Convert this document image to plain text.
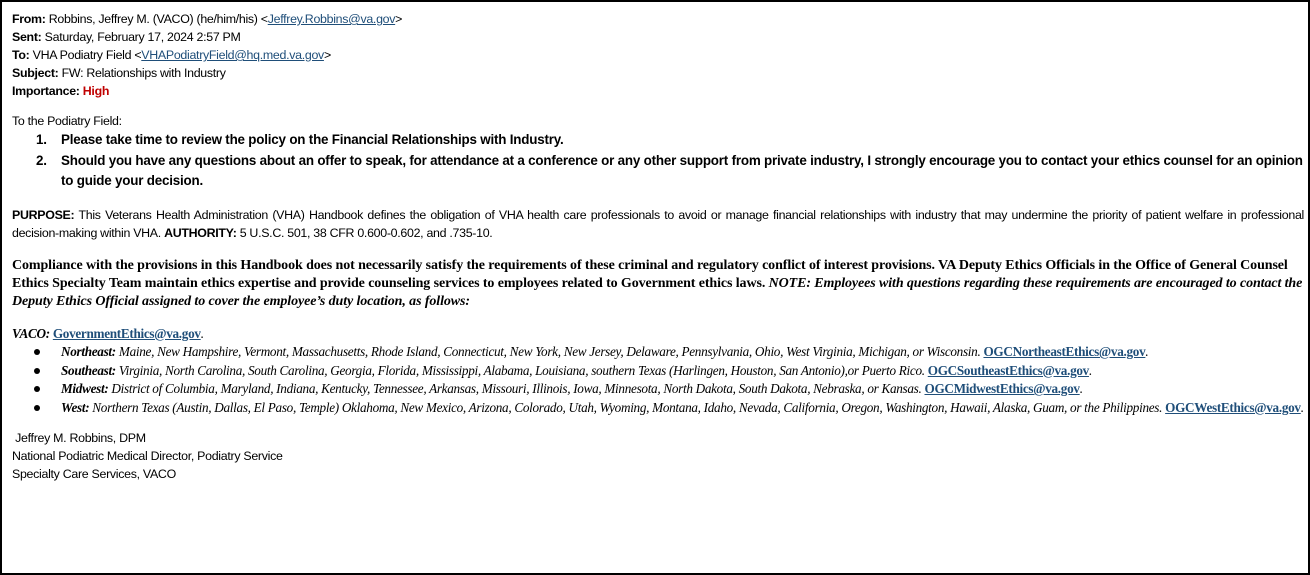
From: Robbins, Jeffrey M. (VACO) (he/him/his) <Jeffrey.Robbins@va.gov>
Sent: Saturday, February 17, 2024 2:57 PM
To: VHA Podiatry Field <VHAPodiatryField@hq.med.va.gov>
Subject: FW: Relationships with Industry
Importance: High
To the Podiatry Field:
1. Please take time to review the policy on the Financial Relationships with Industry.
2. Should you have any questions about an offer to speak, for attendance at a conference or any other support from private industry, I strongly encourage you to contact your ethics counsel for an opinion to guide your decision.
PURPOSE: This Veterans Health Administration (VHA) Handbook defines the obligation of VHA health care professionals to avoid or manage financial relationships with industry that may undermine the priority of patient welfare in professional decision-making within VHA. AUTHORITY: 5 U.S.C. 501, 38 CFR 0.600-0.602, and .735-10.
Compliance with the provisions in this Handbook does not necessarily satisfy the requirements of these criminal and regulatory conflict of interest provisions. VA Deputy Ethics Officials in the Office of General Counsel Ethics Specialty Team maintain ethics expertise and provide counseling services to employees related to Government ethics laws. NOTE: Employees with questions regarding these requirements are encouraged to contact the Deputy Ethics Official assigned to cover the employee’s duty location, as follows:
VACO: GovernmentEthics@va.gov.
Northeast: Maine, New Hampshire, Vermont, Massachusetts, Rhode Island, Connecticut, New York, New Jersey, Delaware, Pennsylvania, Ohio, West Virginia, Michigan, or Wisconsin. OGCNortheastEthics@va.gov.
Southeast: Virginia, North Carolina, South Carolina, Georgia, Florida, Mississippi, Alabama, Louisiana, southern Texas (Harlingen, Houston, San Antonio),or Puerto Rico. OGCSoutheastEthics@va.gov.
Midwest: District of Columbia, Maryland, Indiana, Kentucky, Tennessee, Arkansas, Missouri, Illinois, Iowa, Minnesota, North Dakota, South Dakota, Nebraska, or Kansas. OGCMidwestEthics@va.gov.
West: Northern Texas (Austin, Dallas, El Paso, Temple) Oklahoma, New Mexico, Arizona, Colorado, Utah, Wyoming, Montana, Idaho, Nevada, California, Oregon, Washington, Hawaii, Alaska, Guam, or the Philippines. OGCWestEthics@va.gov.
Jeffrey M. Robbins, DPM
National Podiatric Medical Director, Podiatry Service
Specialty Care Services, VACO
